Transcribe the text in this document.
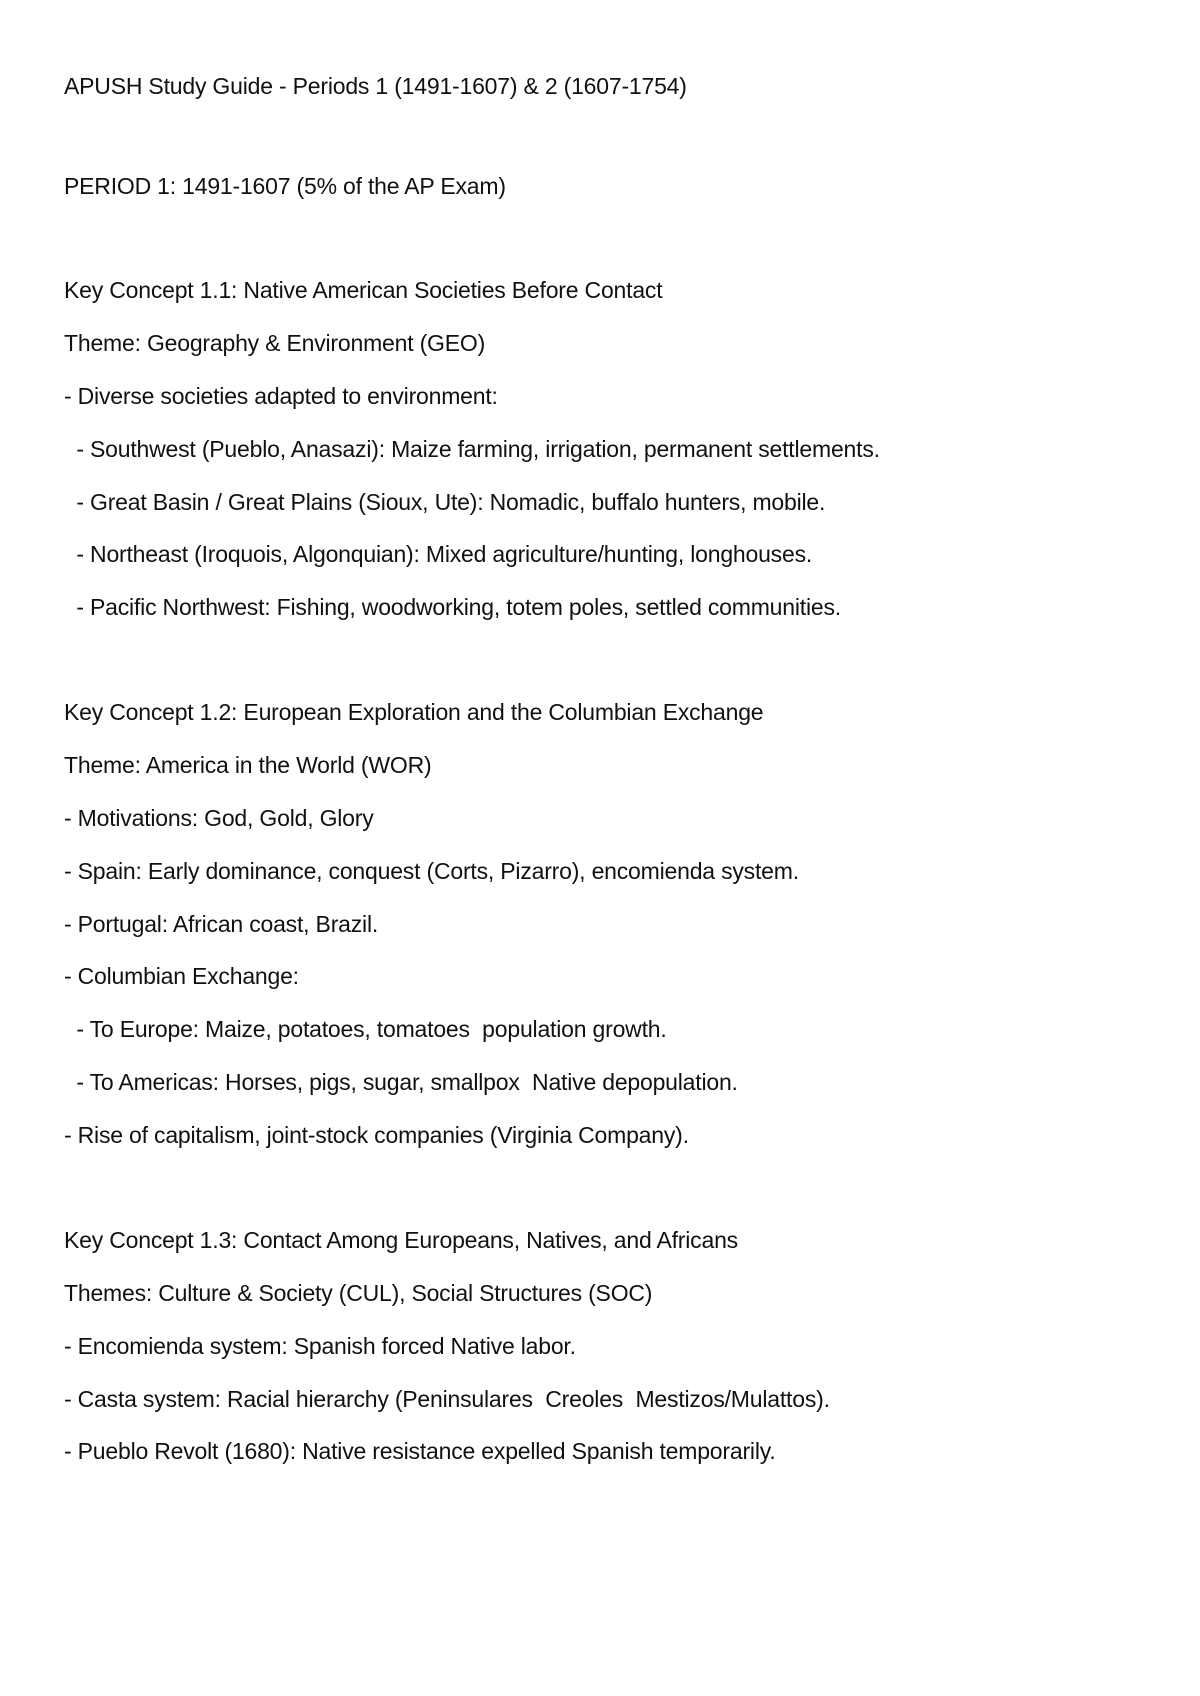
APUSH Study Guide - Periods 1 (1491-1607) & 2 (1607-1754)
PERIOD 1: 1491-1607 (5% of the AP Exam)
Key Concept 1.1: Native American Societies Before Contact
Theme: Geography & Environment (GEO)
- Diverse societies adapted to environment:
- Southwest (Pueblo, Anasazi): Maize farming, irrigation, permanent settlements.
- Great Basin / Great Plains (Sioux, Ute): Nomadic, buffalo hunters, mobile.
- Northeast (Iroquois, Algonquian): Mixed agriculture/hunting, longhouses.
- Pacific Northwest: Fishing, woodworking, totem poles, settled communities.
Key Concept 1.2: European Exploration and the Columbian Exchange
Theme: America in the World (WOR)
- Motivations: God, Gold, Glory
- Spain: Early dominance, conquest (Corts, Pizarro), encomienda system.
- Portugal: African coast, Brazil.
- Columbian Exchange:
- To Europe: Maize, potatoes, tomatoes  population growth.
- To Americas: Horses, pigs, sugar, smallpox  Native depopulation.
- Rise of capitalism, joint-stock companies (Virginia Company).
Key Concept 1.3: Contact Among Europeans, Natives, and Africans
Themes: Culture & Society (CUL), Social Structures (SOC)
- Encomienda system: Spanish forced Native labor.
- Casta system: Racial hierarchy (Peninsulares  Creoles  Mestizos/Mulattos).
- Pueblo Revolt (1680): Native resistance expelled Spanish temporarily.
